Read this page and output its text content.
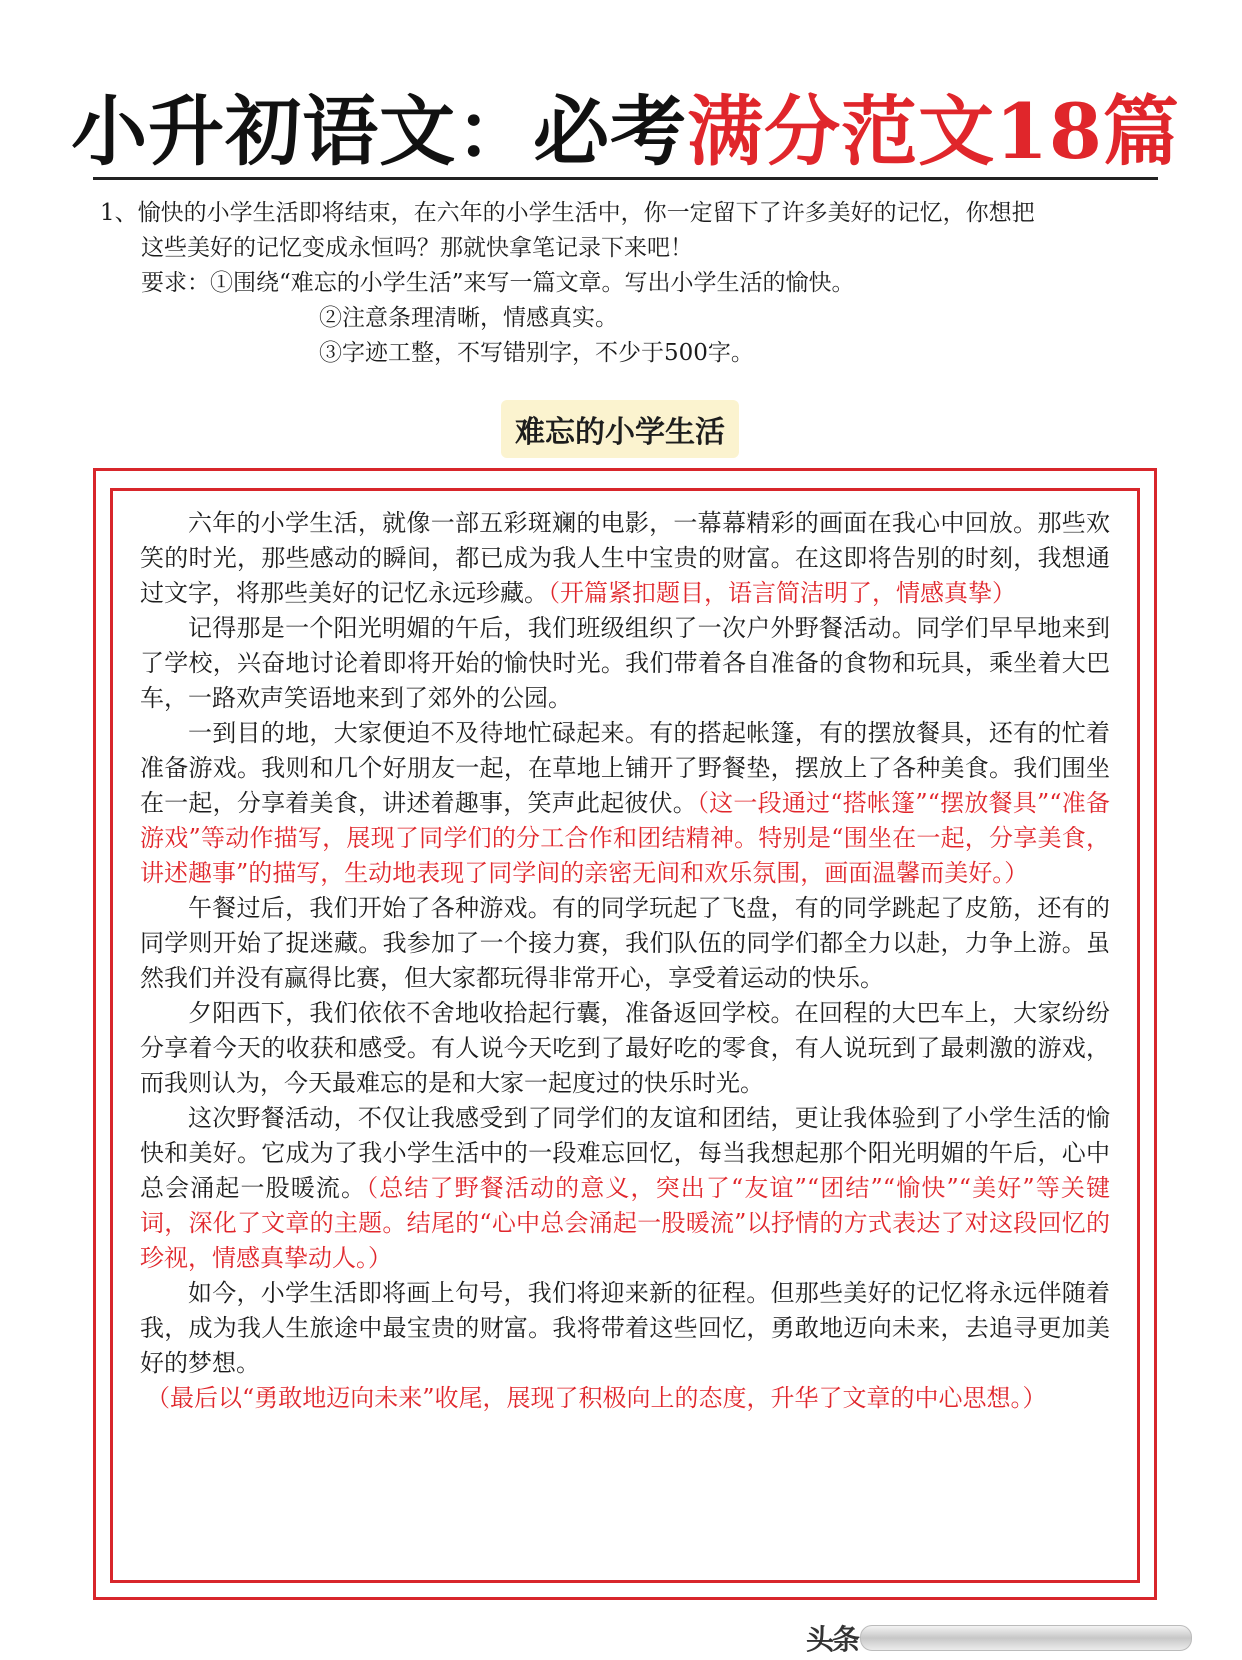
小升初语文：必考满分范文18篇
1、愉快的小学生活即将结束，在六年的小学生活中，你一定留下了许多美好的记忆，你想把
这些美好的记忆变成永恒吗？那就快拿笔记录下来吧！
要求：①围绕“难忘的小学生活”来写一篇文章。写出小学生活的愉快。
②注意条理清晰，情感真实。
③字迹工整，不写错别字，不少于500字。
难忘的小学生活

六年的小学生活，就像一部五彩斑斓的电影，一幕幕精彩的画面在我心中回放。那些欢笑的时光，那些感动的瞬间，都已成为我人生中宝贵的财富。在这即将告别的时刻，我想通过文字，将那些美好的记忆永远珍藏。（开篇紧扣题目，语言简洁明了，情感真挚）

记得那是一个阳光明媚的午后，我们班级组织了一次户外野餐活动。同学们早早地来到了学校，兴奋地讨论着即将开始的愉快时光。我们带着各自准备的食物和玩具，乘坐着大巴车，一路欢声笑语地来到了郊外的公园。

一到目的地，大家便迫不及待地忙碌起来。有的搭起帐篷，有的摆放餐具，还有的忙着准备游戏。我则和几个好朋友一起，在草地上铺开了野餐垫，摆放上了各种美食。我们围坐在一起，分享着美食，讲述着趣事，笑声此起彼伏。（这一段通过“搭帐篷”“摆放餐具”“准备游戏”等动作描写，展现了同学们的分工合作和团结精神。特别是“围坐在一起，分享美食，讲述趣事”的描写，生动地表现了同学间的亲密无间和欢乐氛围，画面温馨而美好。）

午餐过后，我们开始了各种游戏。有的同学玩起了飞盘，有的同学跳起了皮筋，还有的同学则开始了捉迷藏。我参加了一个接力赛，我们队伍的同学们都全力以赴，力争上游。虽然我们并没有赢得比赛，但大家都玩得非常开心，享受着运动的快乐。

夕阳西下，我们依依不舍地收拾起行囊，准备返回学校。在回程的大巴车上，大家纷纷分享着今天的收获和感受。有人说今天吃到了最好吃的零食，有人说玩到了最刺激的游戏，而我则认为，今天最难忘的是和大家一起度过的快乐时光。

这次野餐活动，不仅让我感受到了同学们的友谊和团结，更让我体验到了小学生活的愉快和美好。它成为了我小学生活中的一段难忘回忆，每当我想起那个阳光明媚的午后，心中总会涌起一股暖流。（总结了野餐活动的意义，突出了“友谊”“团结”“愉快”“美好”等关键词，深化了文章的主题。结尾的“心中总会涌起一股暖流”以抒情的方式表达了对这段回忆的珍视，情感真挚动人。）

如今，小学生活即将画上句号，我们将迎来新的征程。但那些美好的记忆将永远伴随着我，成为我人生旅途中最宝贵的财富。我将带着这些回忆，勇敢地迈向未来，去追寻更加美好的梦想。

（最后以“勇敢地迈向未来”收尾，展现了积极向上的态度，升华了文章的中心思想。）

头条
